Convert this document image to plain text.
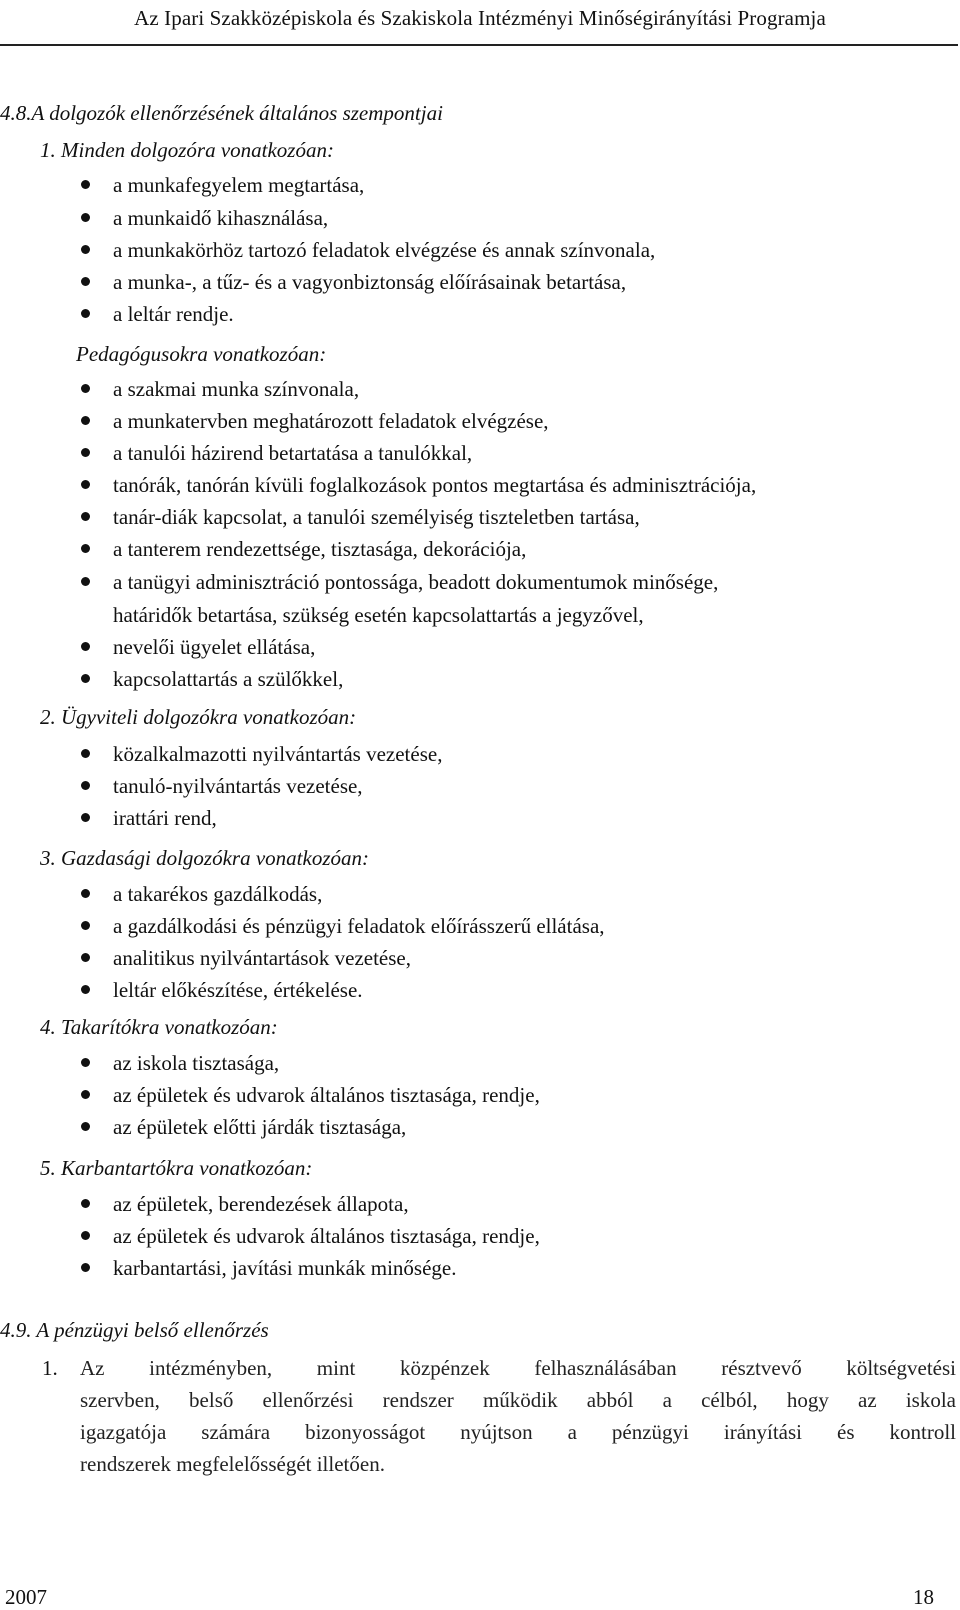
Az Ipari Szakközépiskola és Szakiskola Intézményi Minőségirányítási Programja
4.8.A dolgozók ellenőrzésének általános szempontjai
1. Minden dolgozóra vonatkozóan:
a munkafegyelem megtartása,
a munkaidő kihasználása,
a munkakörhöz tartozó feladatok elvégzése és annak színvonala,
a munka-, a tűz- és a vagyonbiztonság előírásainak betartása,
a leltár rendje.
Pedagógusokra vonatkozóan:
a szakmai munka színvonala,
a munkatervben meghatározott feladatok elvégzése,
a tanulói házirend betartatása a tanulókkal,
tanórák, tanórán kívüli foglalkozások pontos megtartása és adminisztrációja,
tanár-diák kapcsolat, a tanulói személyiség tiszteletben tartása,
a tanterem rendezettsége, tisztasága, dekorációja,
a tanügyi adminisztráció pontossága, beadott dokumentumok minősége,
határidők betartása, szükség esetén kapcsolattartás a jegyzővel,
nevelői ügyelet ellátása,
kapcsolattartás a szülőkkel,
2. Ügyviteli dolgozókra vonatkozóan:
közalkalmazotti nyilvántartás vezetése,
tanuló-nyilvántartás vezetése,
irattári rend,
3. Gazdasági dolgozókra vonatkozóan:
a takarékos gazdálkodás,
a gazdálkodási és pénzügyi feladatok előírásszerű ellátása,
analitikus nyilvántartások vezetése,
leltár előkészítése, értékelése.
4. Takarítókra vonatkozóan:
az iskola tisztasága,
az épületek és udvarok általános tisztasága, rendje,
az épületek előtti járdák tisztasága,
5. Karbantartókra vonatkozóan:
az épületek, berendezések állapota,
az épületek és udvarok általános tisztasága, rendje,
karbantartási, javítási munkák minősége.
4.9. A pénzügyi belső ellenőrzés
1. Az intézményben, mint közpénzek felhasználásában résztvevő költségvetési
szervben, belső ellenőrzési rendszer működik abból a célból, hogy az iskola
igazgatója számára bizonyosságot nyújtson a pénzügyi irányítási és kontroll
rendszerek megfelelősségét illetően.
2007	18
